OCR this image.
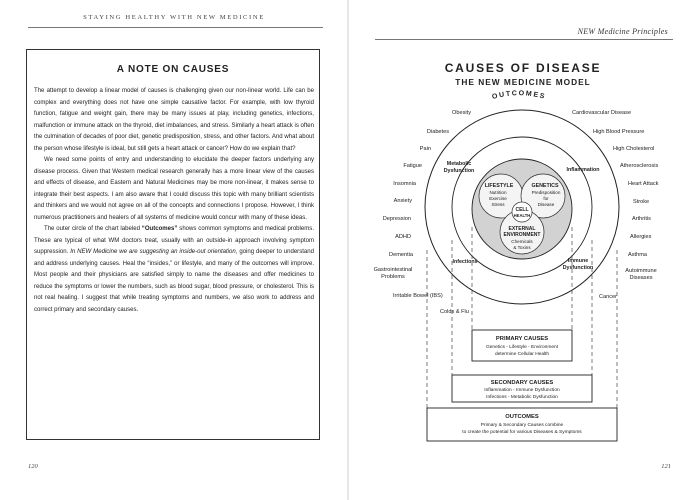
STAYING HEALTHY WITH NEW MEDICINE
A NOTE ON CAUSES

The attempt to develop a linear model of causes is challenging given our non-linear world. Life can be complex and everything does not have one simple causative factor. For example, with low thyroid function, fatigue and weight gain, there may be many issues at play, including genetics, infections, malfunction or immune attack on the thyroid, diet imbalances, and stress. Similarly a heart attack is often the culmination of decades of poor diet, genetic predisposition, stress, and other factors. And what about the person whose lifestyle is ideal, but still gets a heart attack or cancer? How do we explain that?

We need some points of entry and understanding to elucidate the deeper factors underlying any disease process. Given that Western medical research generally has a more linear view of the causes and effects of disease, and Eastern and Natural Medicines may be more non-linear, it makes sense to integrate their best aspects. I am also aware that I could discuss this topic with many brilliant scientists and thinkers and we would not agree on all of the concepts and connections I propose. However, I think numerous practitioners and healers of all systems of medicine would concur with many of these ideas.

The outer circle of the chart labeled “Outcomes” shows common symptoms and medical problems. These are typical of what WM doctors treat, usually with an outside-in approach involving symptom suppression. In NEW Medicine we are suggesting an inside-out orientation, going deeper to understand and address underlying causes. Heal the “insides,” or lifestyle, and many of the outcomes will improve. Most people and their physicians are satisfied simply to name the diseases and offer medicines to reduce the symptoms or lower the numbers, such as blood sugar, blood pressure, or cholesterol. This is not real healing. I suggest that while treating symptoms and numbers, we also work to address and correct primary and secondary causes.

120
NEW Medicine Principles
CAUSES OF DISEASE
THE NEW MEDICINE MODEL
OUTCOMES
LIFESTYLE
Nutrition
Exercise
Stress
GENETICS
Predisposition
for
Disease
CELL
HEALTH
EXTERNAL
ENVIRONMENT
Chemicals
& Toxins
Metabolic
Dysfunction	Inflammation
Infections	Immune
Dysfunction
Obesity
Diabetes
Pain
Fatigue
Insomnia
Anxiety
Depression
ADHD
Dementia
Gastrointestinal
Problems
Irritable Bowel (IBS)
Colds & Flu
Cardiovascular Disease
High Blood Pressure
High Cholesterol
Atherosclerosis
Heart Attack
Stroke
Arthritis
Allergies
Asthma
Autoimmune
Diseases
Cancer
PRIMARY CAUSES
Genetics - Lifestyle - Environment
determine Cellular Health
SECONDARY CAUSES
Inflammation - Immune Dysfunction
Infections - Metabolic Dysfunction
OUTCOMES
Primary & Secondary Causes combine
to create the potential for various Diseases & Symptoms
121
